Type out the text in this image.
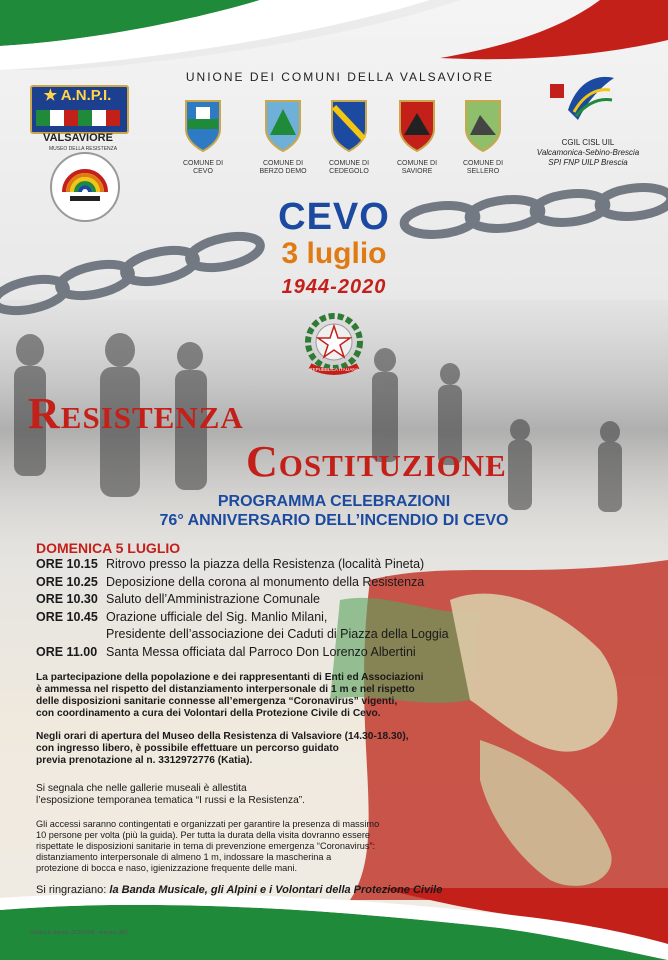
UNIONE DEI COMUNI DELLA VALSAVIORE
★ A.N.P.I.
VALSAVIORE
MUSEO DELLA RESISTENZA
COMUNE DI
CEVO
COMUNE DI
BERZO DEMO
COMUNE DI
CEDEGOLO
COMUNE DI
SAVIORE
COMUNE DI
SELLERO
CGIL CISL UIL
Valcamonica-Sebino-Brescia
SPI FNP UILP Brescia
CEVO
3 luglio
1944-2020
REPUBBLICA ITALIANA
Resistenza
Costituzione
PROGRAMMA CELEBRAZIONI
76° ANNIVERSARIO DELL’INCENDIO DI CEVO
DOMENICA 5 LUGLIO
ORE 10.15 Ritrovo presso la piazza della Resistenza (località Pineta)
ORE 10.25 Deposizione della corona al monumento della Resistenza
ORE 10.30 Saluto dell’Amministrazione Comunale
ORE 10.45 Orazione ufficiale del Sig. Manlio Milani,
Presidente dell’associazione dei Caduti di Piazza della Loggia
ORE 11.00 Santa Messa officiata dal Parroco Don Lorenzo Albertini
La partecipazione della popolazione e dei rappresentanti di Enti ed Associazioni
è ammessa nel rispetto del distanziamento interpersonale di 1 m e nel rispetto
delle disposizioni sanitarie connesse all’emergenza “Coronavirus” vigenti,
con coordinamento a cura dei Volontari della Protezione Civile di Cevo.
Negli orari di apertura del Museo della Resistenza di Valsaviore (14.30-18.30),
con ingresso libero, è possibile effettuare un percorso guidato
previa prenotazione al n. 3312972776 (Katia).
Si segnala che nelle gallerie museali è allestita
l’esposizione temporanea tematica “I russi e la Resistenza”.
Gli accessi saranno contingentati e organizzati per garantire la presenza di massimo
10 persone per volta (più la guida). Per tutta la durata della visita dovranno essere
rispettate le disposizioni sanitarie in tema di prevenzione emergenza “Coronavirus”:
distanziamento interpersonale di almeno 1 m, indossare la mascherina a
protezione di bocca e naso, igienizzazione frequente delle mani.
Si ringraziano: la Banda Musicale, gli Alpini e i Volontari della Protezione Civile
Grafica & stampa: OCINQUE - Artogne (BS)
